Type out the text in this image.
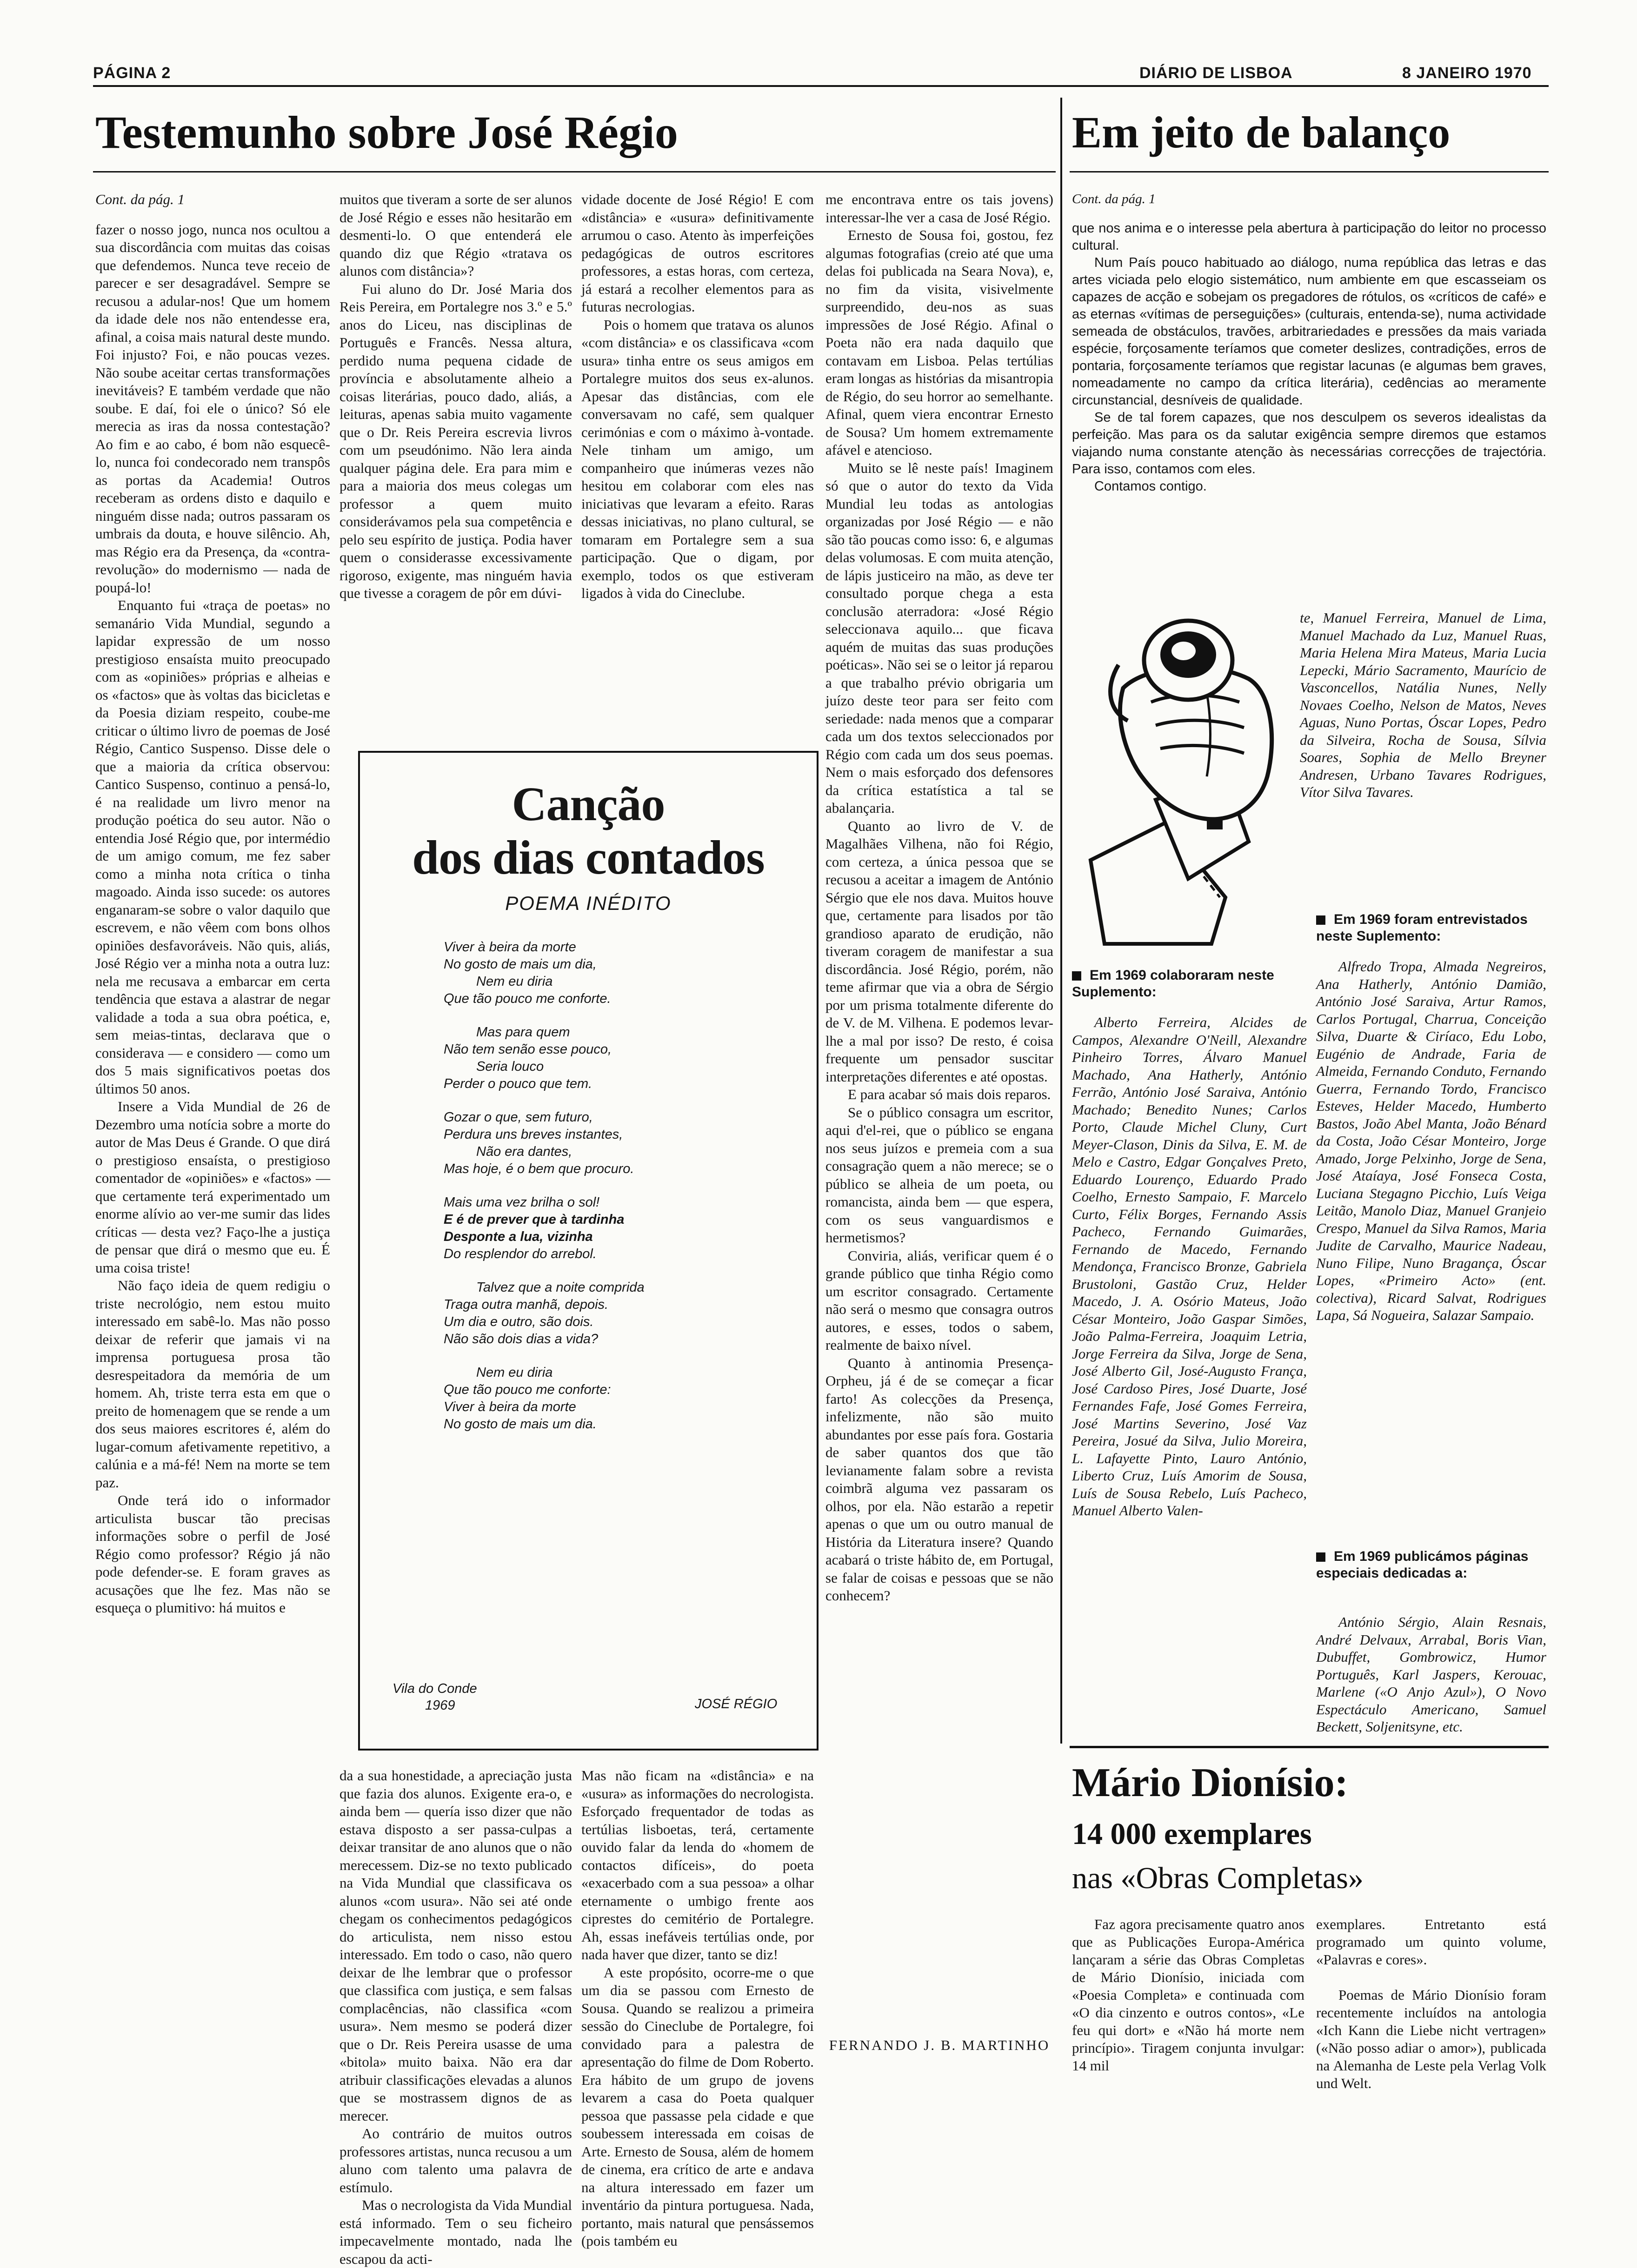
PÁGINA 2	DIÁRIO DE LISBOA	8 JANEIRO 1970
Testemunho sobre José Régio

Cont. da pág. 1

fazer o nosso jogo, nunca nos ocultou a sua discordância com muitas das coisas que defendemos. Nunca teve receio de parecer e ser desagradável. Sempre se recusou a adular-nos! Que um homem da idade dele nos não entendesse era, afinal, a coisa mais natural deste mundo. Foi injusto? Foi, e não poucas vezes. Não soube aceitar certas transformações inevitáveis? E também verdade que não soube. E daí, foi ele o único? Só ele merecia as iras da nossa contestação? Ao fim e ao cabo, é bom não esquecê-lo, nunca foi condecorado nem transpôs as portas da Academia! Outros receberam as ordens disto e daquilo e ninguém disse nada; outros passaram os umbrais da douta, e houve silêncio. Ah, mas Régio era da Presença, da «contra-revolução» do modernismo — nada de poupá-lo!

Enquanto fui «traça de poetas» no semanário Vida Mundial, segundo a lapidar expressão de um nosso prestigioso ensaísta muito preocupado com as «opiniões» próprias e alheias e os «factos» que às voltas das bicicletas e da Poesia diziam respeito, coube-me criticar o último livro de poemas de José Régio, Cantico Suspenso. Disse dele o que a maioria da crítica observou: Cantico Suspenso, continuo a pensá-lo, é na realidade um livro menor na produção poética do seu autor. Não o entendia José Régio que, por intermédio de um amigo comum, me fez saber como a minha nota crítica o tinha magoado. Ainda isso sucede: os autores enganaram-se sobre o valor daquilo que escrevem, e não vêem com bons olhos opiniões desfavoráveis. Não quis, aliás, José Régio ver a minha nota a outra luz: nela me recusava a embarcar em certa tendência que estava a alastrar de negar validade a toda a sua obra poética, e, sem meias-tintas, declarava que o considerava — e considero — como um dos 5 mais significativos poetas dos últimos 50 anos.

Insere a Vida Mundial de 26 de Dezembro uma notícia sobre a morte do autor de Mas Deus é Grande. O que dirá o prestigioso ensaísta, o prestigioso comentador de «opiniões» e «factos» — que certamente terá experimentado um enorme alívio ao ver-me sumir das lides críticas — desta vez? Faço-lhe a justiça de pensar que dirá o mesmo que eu. É uma coisa triste!

Não faço ideia de quem redigiu o triste necrológio, nem estou muito interessado em sabê-lo. Mas não posso deixar de referir que jamais vi na imprensa portuguesa prosa tão desrespeitadora da memória de um homem. Ah, triste terra esta em que o preito de homenagem que se rende a um dos seus maiores escritores é, além do lugar-comum afetivamente repetitivo, a calúnia e a má-fé! Nem na morte se tem paz.

Onde terá ido o informador articulista buscar tão precisas informações sobre o perfil de José Régio como professor? Régio já não pode defender-se. E foram graves as acusações que lhe fez. Mas não se esqueça o plumitivo: há muitos e

muitos que tiveram a sorte de ser alunos de José Régio e esses não hesitarão em desmenti-lo. O que entenderá ele quando diz que Régio «tratava os alunos com distância»?

Fui aluno do Dr. José Maria dos Reis Pereira, em Portalegre nos 3.º e 5.º anos do Liceu, nas disciplinas de Português e Francês. Nessa altura, perdido numa pequena cidade de província e absolutamente alheio a coisas literárias, pouco dado, aliás, a leituras, apenas sabia muito vagamente que o Dr. Reis Pereira escrevia livros com um pseudónimo. Não lera ainda qualquer página dele. Era para mim e para a maioria dos meus colegas um professor a quem muito considerávamos pela sua competência e pelo seu espírito de justiça. Podia haver quem o considerasse excessivamente rigoroso, exigente, mas ninguém havia que tivesse a coragem de pôr em dúvi-

vidade docente de José Régio! E com «distância» e «usura» definitivamente arrumou o caso. Atento às imperfeições pedagógicas de outros escritores professores, a estas horas, com certeza, já estará a recolher elementos para as futuras necrologias.

Pois o homem que tratava os alunos «com distância» e os classificava «com usura» tinha entre os seus amigos em Portalegre muitos dos seus ex-alunos. Apesar das distâncias, com ele conversavam no café, sem qualquer cerimónias e com o máximo à-vontade. Nele tinham um amigo, um companheiro que inúmeras vezes não hesitou em colaborar com eles nas iniciativas que levaram a efeito. Raras dessas iniciativas, no plano cultural, se tomaram em Portalegre sem a sua participação. Que o digam, por exemplo, todos os que estiveram ligados à vida do Cineclube.

Canção
dos dias contados
POEMA INÉDITO
Viver à beira da morte
No gosto de mais um dia,
Nem eu diria
Que tão pouco me conforte.
Mas para quem
Não tem senão esse pouco,
Seria louco
Perder o pouco que tem.
Gozar o que, sem futuro,
Perdura uns breves instantes,
Não era dantes,
Mas hoje, é o bem que procuro.
Mais uma vez brilha o sol!
E é de prever que à tardinha
Desponte a lua, vizinha
Do resplendor do arrebol.
Talvez que a noite comprida
Traga outra manhã, depois.
Um dia e outro, são dois.
Não são dois dias a vida?
Nem eu diria
Que tão pouco me conforte:
Viver à beira da morte
No gosto de mais um dia.
Vila do Conde
1969	JOSÉ RÉGIO

da a sua honestidade, a apreciação justa que fazia dos alunos. Exigente era-o, e ainda bem — quería isso dizer que não estava disposto a ser passa-culpas a deixar transitar de ano alunos que o não merecessem. Diz-se no texto publicado na Vida Mundial que classificava os alunos «com usura». Não sei até onde chegam os conhecimentos pedagógicos do articulista, nem nisso estou interessado. Em todo o caso, não quero deixar de lhe lembrar que o professor que classifica com justiça, e sem falsas complacências, não classifica «com usura». Nem mesmo se poderá dizer que o Dr. Reis Pereira usasse de uma «bitola» muito baixa. Não era dar atribuir classificações elevadas a alunos que se mostrassem dignos de as merecer.

Ao contrário de muitos outros professores artistas, nunca recusou a um aluno com talento uma palavra de estímulo.

Mas o necrologista da Vida Mundial está informado. Tem o seu ficheiro impecavelmente montado, nada lhe escapou da acti-

Mas não ficam na «distância» e na «usura» as informações do necrologista. Esforçado frequentador de todas as tertúlias lisboetas, terá, certamente ouvido falar da lenda do «homem de contactos difíceis», do poeta «exacerbado com a sua pessoa» a olhar eternamente o umbigo frente aos ciprestes do cemitério de Portalegre. Ah, essas inefáveis tertúlias onde, por nada haver que dizer, tanto se diz!

A este propósito, ocorre-me o que um dia se passou com Ernesto de Sousa. Quando se realizou a primeira sessão do Cineclube de Portalegre, foi convidado para a palestra de apresentação do filme de Dom Roberto. Era hábito de um grupo de jovens levarem a casa do Poeta qualquer pessoa que passasse pela cidade e que soubessem interessada em coisas de Arte. Ernesto de Sousa, além de homem de cinema, era crítico de arte e andava na altura interessado em fazer um inventário da pintura portuguesa. Nada, portanto, mais natural que pensássemos (pois também eu

me encontrava entre os tais jovens) interessar-lhe ver a casa de José Régio.

Ernesto de Sousa foi, gostou, fez algumas fotografias (creio até que uma delas foi publicada na Seara Nova), e, no fim da visita, visivelmente surpreendido, deu-nos as suas impressões de José Régio. Afinal o Poeta não era nada daquilo que contavam em Lisboa. Pelas tertúlias eram longas as histórias da misantropia de Régio, do seu horror ao semelhante. Afinal, quem viera encontrar Ernesto de Sousa? Um homem extremamente afável e atencioso.

Muito se lê neste país! Imaginem só que o autor do texto da Vida Mundial leu todas as antologias organizadas por José Régio — e não são tão poucas como isso: 6, e algumas delas volumosas. E com muita atenção, de lápis justiceiro na mão, as deve ter consultado porque chega a esta conclusão aterradora: «José Régio seleccionava aquilo... que ficava aquém de muitas das suas produções poéticas». Não sei se o leitor já reparou a que trabalho prévio obrigaria um juízo deste teor para ser feito com seriedade: nada menos que a comparar cada um dos textos seleccionados por Régio com cada um dos seus poemas. Nem o mais esforçado dos defensores da crítica estatística a tal se abalançaria.

Quanto ao livro de V. de Magalhães Vilhena, não foi Régio, com certeza, a única pessoa que se recusou a aceitar a imagem de António Sérgio que ele nos dava. Muitos houve que, certamente para lisados por tão grandioso aparato de erudição, não tiveram coragem de manifestar a sua discordância. José Régio, porém, não teme afirmar que via a obra de Sérgio por um prisma totalmente diferente do de V. de M. Vilhena. E podemos levar-lhe a mal por isso? De resto, é coisa frequente um pensador suscitar interpretações diferentes e até opostas.

E para acabar só mais dois reparos.

Se o público consagra um escritor, aqui d'el-rei, que o público se engana nos seus juízos e premeia com a sua consagração quem a não merece; se o público se alheia de um poeta, ou romancista, ainda bem — que espera, com os seus vanguardismos e hermetismos?

Conviria, aliás, verificar quem é o grande público que tinha Régio como um escritor consagrado. Certamente não será o mesmo que consagra outros autores, e esses, todos o sabem, realmente de baixo nível.

Quanto à antinomia Presença-Orpheu, já é de se começar a ficar farto! As colecções da Presença, infelizmente, não são muito abundantes por esse país fora. Gostaria de saber quantos dos que tão levianamente falam sobre a revista coimbrã alguma vez passaram os olhos, por ela. Não estarão a repetir apenas o que um ou outro manual de História da Literatura insere? Quando acabará o triste hábito de, em Portugal, se falar de coisas e pessoas que se não conhecem?

FERNANDO J. B. MARTINHO
Em jeito de balanço

Cont. da pág. 1

que nos anima e o interesse pela abertura à participação do leitor no processo cultural.

Num País pouco habituado ao diálogo, numa república das letras e das artes viciada pelo elogio sistemático, num ambiente em que escasseiam os capazes de acção e sobejam os pregadores de rótulos, os «críticos de café» e as eternas «vítimas de perseguições» (culturais, entenda-se), numa actividade semeada de obstáculos, travões, arbitrariedades e pressões da mais variada espécie, forçosamente teríamos que cometer deslizes, contradições, erros de pontaria, forçosamente teríamos que registar lacunas (e algumas bem graves, nomeadamente no campo da crítica literária), cedências ao meramente circunstancial, desníveis de qualidade.

Se de tal forem capazes, que nos desculpem os severos idealistas da perfeição. Mas para os da salutar exigência sempre diremos que estamos viajando numa constante atenção às necessárias correcções de trajectória. Para isso, contamos com eles.

Contamos contigo.

te, Manuel Ferreira, Manuel de Lima, Manuel Machado da Luz, Manuel Ruas, Maria Helena Mira Mateus, Maria Lucia Lepecki, Mário Sacramento, Maurício de Vasconcellos, Natália Nunes, Nelly Novaes Coelho, Nelson de Matos, Neves Aguas, Nuno Portas, Óscar Lopes, Pedro da Silveira, Rocha de Sousa, Sílvia Soares, Sophia de Mello Breyner Andresen, Urbano Tavares Rodrigues, Vítor Silva Tavares.

Em 1969 foram entrevistados neste Suplemento:

Alfredo Tropa, Almada Negreiros, Ana Hatherly, António Damião, António José Saraiva, Artur Ramos, Carlos Portugal, Charrua, Conceição Silva, Duarte & Ciríaco, Edu Lobo, Eugénio de Andrade, Faria de Almeida, Fernando Conduto, Fernando Guerra, Fernando Tordo, Francisco Esteves, Helder Macedo, Humberto Bastos, João Abel Manta, João Bénard da Costa, João César Monteiro, Jorge Amado, Jorge Pelxinho, Jorge de Sena, José Ataíaya, José Fonseca Costa, Luciana Stegagno Picchio, Luís Veiga Leitão, Manolo Diaz, Manuel Granjeio Crespo, Manuel da Silva Ramos, Maria Judite de Carvalho, Maurice Nadeau, Nuno Filipe, Nuno Bragança, Óscar Lopes, «Primeiro Acto» (ent. colectiva), Ricard Salvat, Rodrigues Lapa, Sá Nogueira, Salazar Sampaio.

Em 1969 colaboraram neste Suplemento:

Alberto Ferreira, Alcides de Campos, Alexandre O'Neill, Alexandre Pinheiro Torres, Álvaro Manuel Machado, Ana Hatherly, António Ferrão, António José Saraiva, António Machado; Benedito Nunes; Carlos Porto, Claude Michel Cluny, Curt Meyer-Clason, Dinis da Silva, E. M. de Melo e Castro, Edgar Gonçalves Preto, Eduardo Lourenço, Eduardo Prado Coelho, Ernesto Sampaio, F. Marcelo Curto, Félix Borges, Fernando Assis Pacheco, Fernando Guimarães, Fernando de Macedo, Fernando Mendonça, Francisco Bronze, Gabriela Brustolonі, Gastão Cruz, Helder Macedo, J. A. Osório Mateus, João César Monteiro, João Gaspar Simões, João Palma-Ferreira, Joaquim Letria, Jorge Ferreira da Silva, Jorge de Sena, José Alberto Gil, José-Augusto França, José Cardoso Pires, José Duarte, José Fernandes Fafe, José Gomes Ferreira, José Martins Severino, José Vaz Pereira, Josué da Silva, Julio Moreira, L. Lafayette Pinto, Lauro António, Liberto Cruz, Luís Amorim de Sousa, Luís de Sousa Rebelo, Luís Pacheco, Manuel Alberto Valen-

Em 1969 publicámos páginas especiais dedicadas a:

António Sérgio, Alain Resnais, André Delvaux, Arrabal, Boris Vian, Dubuffet, Gombrowicz, Humor Português, Karl Jaspers, Kerouac, Marlene («O Anjo Azul»), O Novo Espectáculo Americano, Samuel Beckett, Soljenitsyne, etc.

Mário Dionísio:
14 000 exemplares
nas «Obras Completas»

Faz agora precisamente quatro anos que as Publicações Europa-América lançaram a série das Obras Completas de Mário Dionísio, iniciada com «Poesia Completa» e continuada com «O dia cinzento e outros contos», «Le feu qui dort» e «Não há morte nem princípio». Tiragem conjunta invulgar: 14 mil

exemplares. Entretanto está programado um quinto volume, «Palavras e cores».

Poemas de Mário Dionísio foram recentemente incluídos na antologia «Ich Kann die Liebe nicht vertragen» («Não posso adiar o amor»), publicada na Alemanha de Leste pela Verlag Volk und Welt.
